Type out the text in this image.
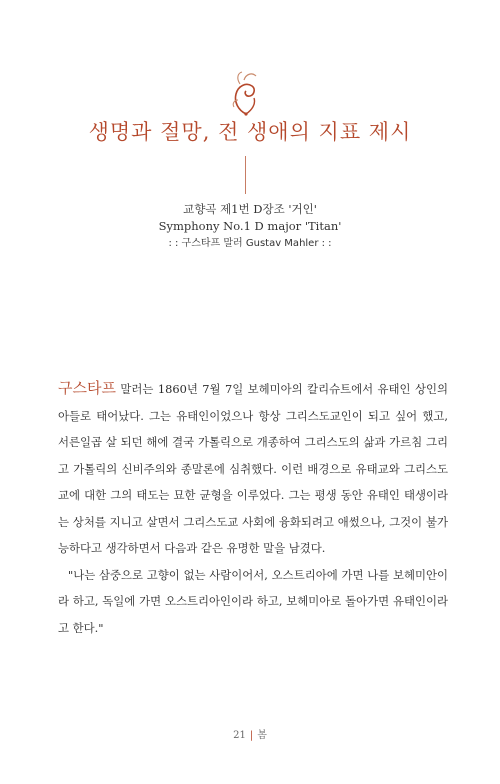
생명과 절망, 전 생애의 지표 제시
교향곡 제1번 D장조 '거인'
Symphony No.1 D major 'Titan'
: : 구스타프 말러 Gustav Mahler : :

구스타프 말러는 1860년 7월 7일 보헤미아의 칼리슈트에서 유태인 상인의 아들로 태어났다. 그는 유태인이었으나 항상 그리스도교인이 되고 싶어 했고, 서른일곱 살 되던 해에 결국 가톨릭으로 개종하여 그리스도의 삶과 가르침 그리고 가톨릭의 신비주의와 종말론에 심취했다. 이런 배경으로 유태교와 그리스도교에 대한 그의 태도는 묘한 균형을 이루었다. 그는 평생 동안 유태인 태생이라는 상처를 지니고 살면서 그리스도교 사회에 융화되려고 애썼으나, 그것이 불가능하다고 생각하면서 다음과 같은 유명한 말을 남겼다.

"나는 삼중으로 고향이 없는 사람이어서, 오스트리아에 가면 나를 보헤미안이라 하고, 독일에 가면 오스트리아인이라 하고, 보헤미아로 돌아가면 유태인이라고 한다."

21 | 봄
